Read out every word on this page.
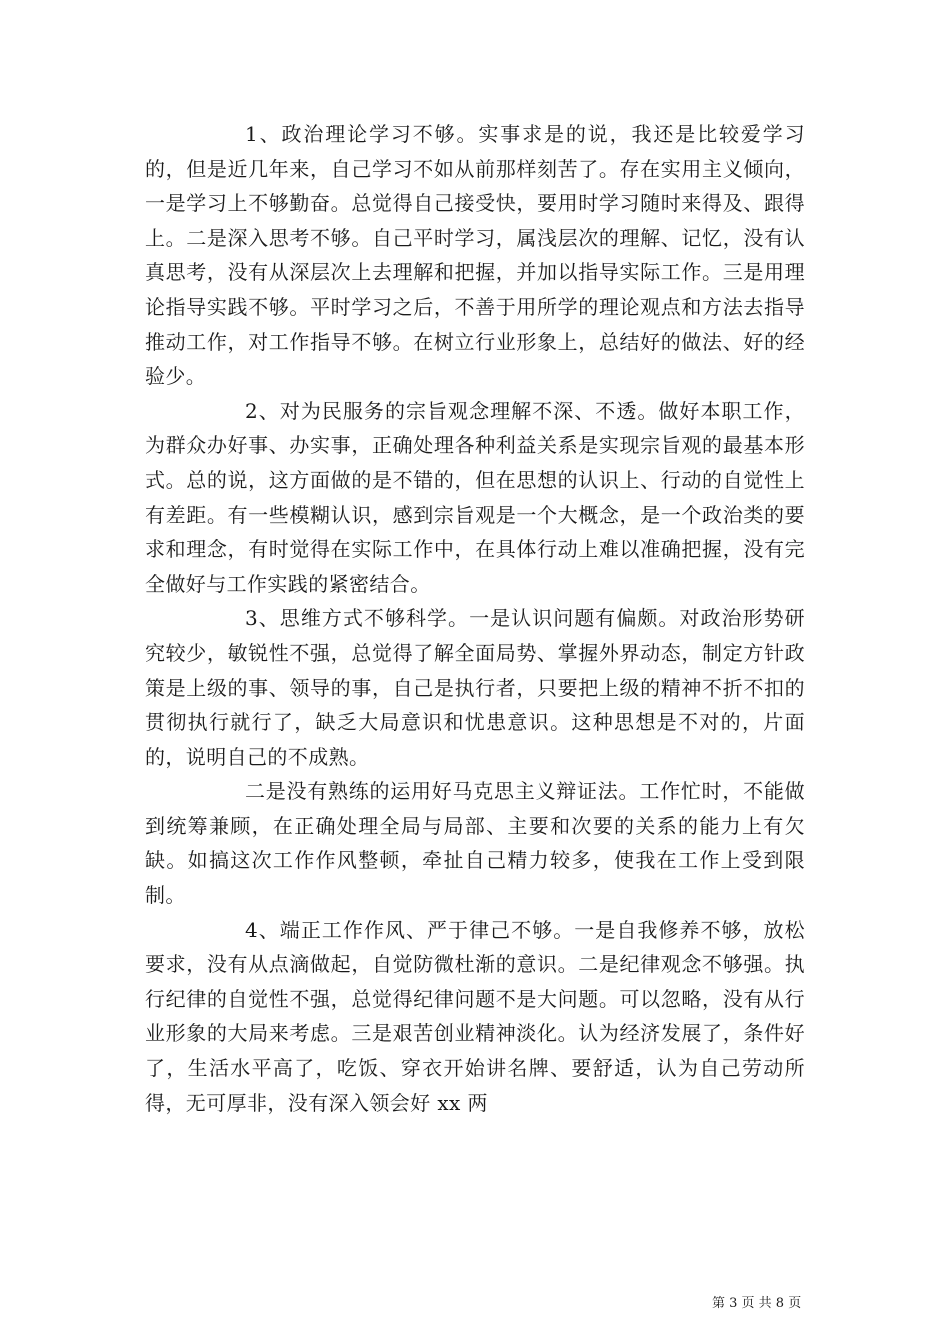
1、政治理论学习不够。实事求是的说，我还是比较爱学习的，但是近几年来，自己学习不如从前那样刻苦了。存在实用主义倾向，一是学习上不够勤奋。总觉得自己接受快，要用时学习随时来得及、跟得上。二是深入思考不够。自己平时学习，属浅层次的理解、记忆，没有认真思考，没有从深层次上去理解和把握，并加以指导实际工作。三是用理论指导实践不够。平时学习之后，不善于用所学的理论观点和方法去指导推动工作，对工作指导不够。在树立行业形象上，总结好的做法、好的经验少。

2、对为民服务的宗旨观念理解不深、不透。做好本职工作，为群众办好事、办实事，正确处理各种利益关系是实现宗旨观的最基本形式。总的说，这方面做的是不错的，但在思想的认识上、行动的自觉性上有差距。有一些模糊认识，感到宗旨观是一个大概念，是一个政治类的要求和理念，有时觉得在实际工作中，在具体行动上难以准确把握，没有完全做好与工作实践的紧密结合。

3、思维方式不够科学。一是认识问题有偏颇。对政治形势研究较少，敏锐性不强，总觉得了解全面局势、掌握外界动态，制定方针政策是上级的事、领导的事，自己是执行者，只要把上级的精神不折不扣的贯彻执行就行了，缺乏大局意识和忧患意识。这种思想是不对的，片面的，说明自己的不成熟。

二是没有熟练的运用好马克思主义辩证法。工作忙时，不能做到统筹兼顾，在正确处理全局与局部、主要和次要的关系的能力上有欠缺。如搞这次工作作风整顿，牵扯自己精力较多，使我在工作上受到限制。

4、端正工作作风、严于律己不够。一是自我修养不够，放松要求，没有从点滴做起，自觉防微杜渐的意识。二是纪律观念不够强。执行纪律的自觉性不强，总觉得纪律问题不是大问题。可以忽略，没有从行业形象的大局来考虑。三是艰苦创业精神淡化。认为经济发展了，条件好了，生活水平高了，吃饭、穿衣开始讲名牌、要舒适，认为自己劳动所得，无可厚非，没有深入领会好 xx 两

第 3 页 共 8 页
